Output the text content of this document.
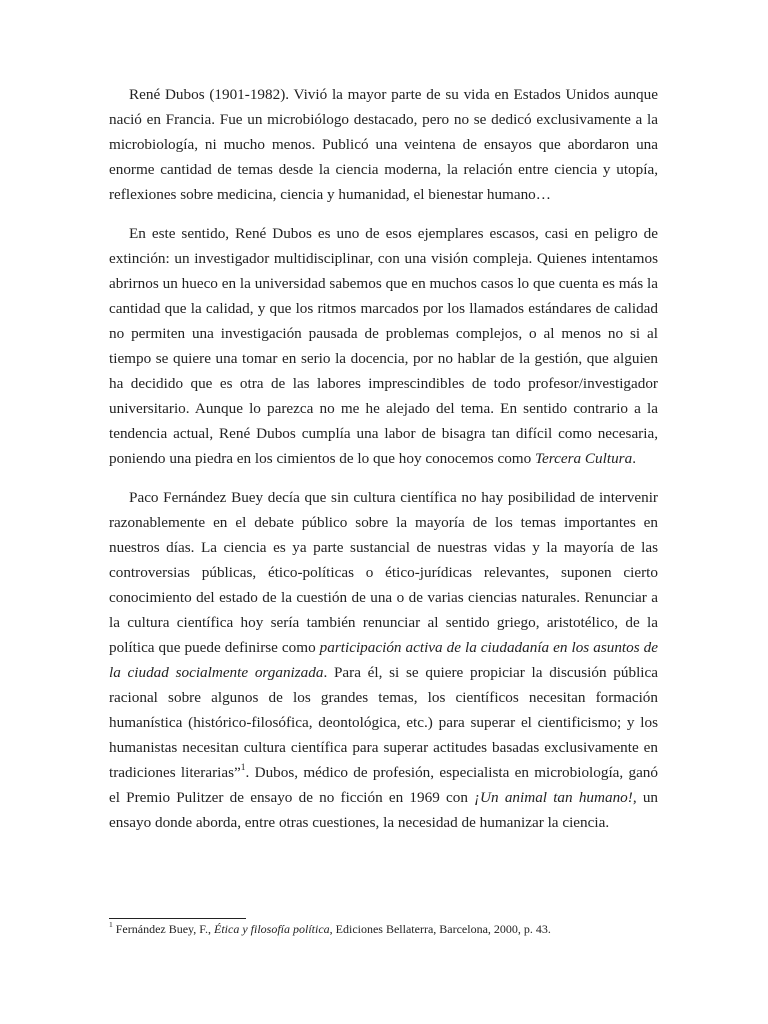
René Dubos (1901-1982). Vivió la mayor parte de su vida en Estados Unidos aunque nació en Francia. Fue un microbiólogo destacado, pero no se dedicó exclusivamente a la microbiología, ni mucho menos. Publicó una veintena de ensayos que abordaron una enorme cantidad de temas desde la ciencia moderna, la relación entre ciencia y utopía, reflexiones sobre medicina, ciencia y humanidad, el bienestar humano…

En este sentido, René Dubos es uno de esos ejemplares escasos, casi en peligro de extinción: un investigador multidisciplinar, con una visión compleja. Quienes intentamos abrirnos un hueco en la universidad sabemos que en muchos casos lo que cuenta es más la cantidad que la calidad, y que los ritmos marcados por los llamados estándares de calidad no permiten una investigación pausada de problemas complejos, o al menos no si al tiempo se quiere una tomar en serio la docencia, por no hablar de la gestión, que alguien ha decidido que es otra de las labores imprescindibles de todo profesor/investigador universitario. Aunque lo parezca no me he alejado del tema. En sentido contrario a la tendencia actual, René Dubos cumplía una labor de bisagra tan difícil como necesaria, poniendo una piedra en los cimientos de lo que hoy conocemos como Tercera Cultura.

Paco Fernández Buey decía que sin cultura científica no hay posibilidad de intervenir razonablemente en el debate público sobre la mayoría de los temas importantes en nuestros días. La ciencia es ya parte sustancial de nuestras vidas y la mayoría de las controversias públicas, ético-políticas o ético-jurídicas relevantes, suponen cierto conocimiento del estado de la cuestión de una o de varias ciencias naturales. Renunciar a la cultura científica hoy sería también renunciar al sentido griego, aristotélico, de la política que puede definirse como participación activa de la ciudadanía en los asuntos de la ciudad socialmente organizada. Para él, si se quiere propiciar la discusión pública racional sobre algunos de los grandes temas, los científicos necesitan formación humanística (histórico-filosófica, deontológica, etc.) para superar el cientificismo; y los humanistas necesitan cultura científica para superar actitudes basadas exclusivamente en tradiciones literarias”$^1$. Dubos, médico de profesión, especialista en microbiología, ganó el Premio Pulitzer de ensayo de no ficción en 1969 con ¡Un animal tan humano!, un ensayo donde aborda, entre otras cuestiones, la necesidad de humanizar la ciencia.

$^1$ Fernández Buey, F., Ética y filosofía política, Ediciones Bellaterra, Barcelona, 2000, p. 43.
